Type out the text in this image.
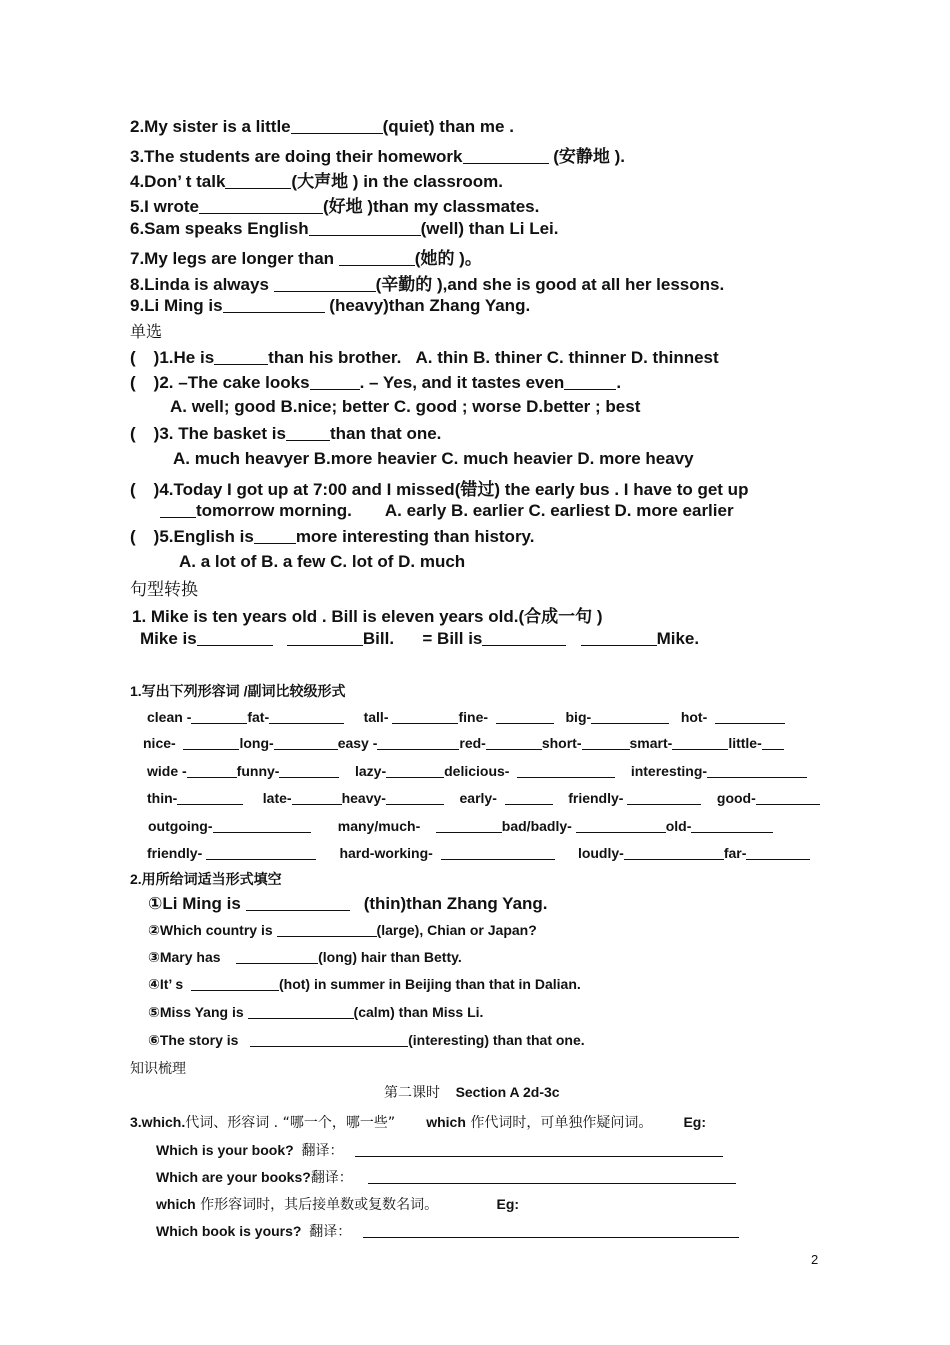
2.My sister is a little	(quiet) than me .
3.The students are doing their homework	(安静地 ).
4.Don’ t talk	(大声地 ) in the classroom.
5.I wrote	(好地 )than my classmates.
6.Sam speaks English	(well) than Li Lei.
7.My legs are longer than	(她的 )。
8.Linda is always	(辛勤的 ),and she is good at all her lessons.
9.Li Ming is	(heavy)than Zhang Yang.
单选
( )1.He is	than his brother. A. thin B. thiner C. thinner D. thinnest
( )2. –The cake looks	. – Yes, and it tastes even	.
A. well; good B.nice; better C. good ; worse D.better ; best
( )3. The basket is	than that one.
A. much heavyer B.more heavier C. much heavier D. more heavy
( )4.Today I got up at 7:00 and I missed(错过) the early bus . I have to get up
tomorrow morning. A. early B. earlier C. earliest D. more earlier
( )5.English is more interesting than history.
A. a lot of B. a few C. lot of D. much
句型转换
1. Mike is ten years old . Bill is eleven years old.(合成一句 )
Mike is	Bill. = Bill is	Mike.
1.写出下列形容词 /副词比较级形式
clean -	fat-	tall-	fine-	big-	hot-
nice-	long-	easy -	red-	short-	smart-	little-
wide -	funny-	lazy-	delicious-	interesting-
thin-	late-	heavy-	early-	friendly-	good-
outgoing-	many/much-	bad/badly-	old-
friendly-	hard-working-	loudly-	far-
2.用所给词适当形式填空
①Li Ming is	(thin)than Zhang Yang.
②Which country is	(large), Chian or Japan?
③Mary has	(long) hair than Betty.
④It’ s	(hot) in summer in Beijing than that in Dalian.
⑤Miss Yang is	(calm) than Miss Li.
⑥The story is	(interesting) than that one.
知识梳理
第二课时 Section A 2d-3c
3.which.代词、形容词 . “哪一个，哪一些” which 作代词时，可单独作疑问词。 Eg:
Which is your book? 翻译：
Which are your books?翻译：
which 作形容词时，其后接单数或复数名词。	Eg:
Which book is yours? 翻译：
2
